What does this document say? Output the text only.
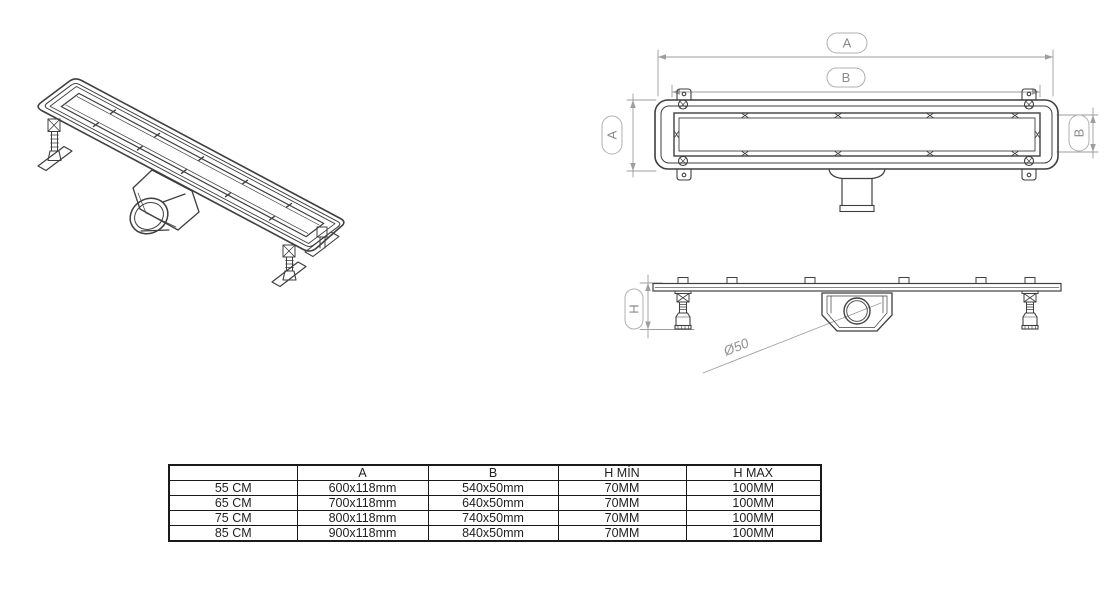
A
B
A	B
H
Ø50
	A	B	H MİN	H MAX
55 CM	600x118mm	540x50mm	70MM	100MM
65 CM	700x118mm	640x50mm	70MM	100MM
75 CM	800x118mm	740x50mm	70MM	100MM
85 CM	900x118mm	840x50mm	70MM	100MM
